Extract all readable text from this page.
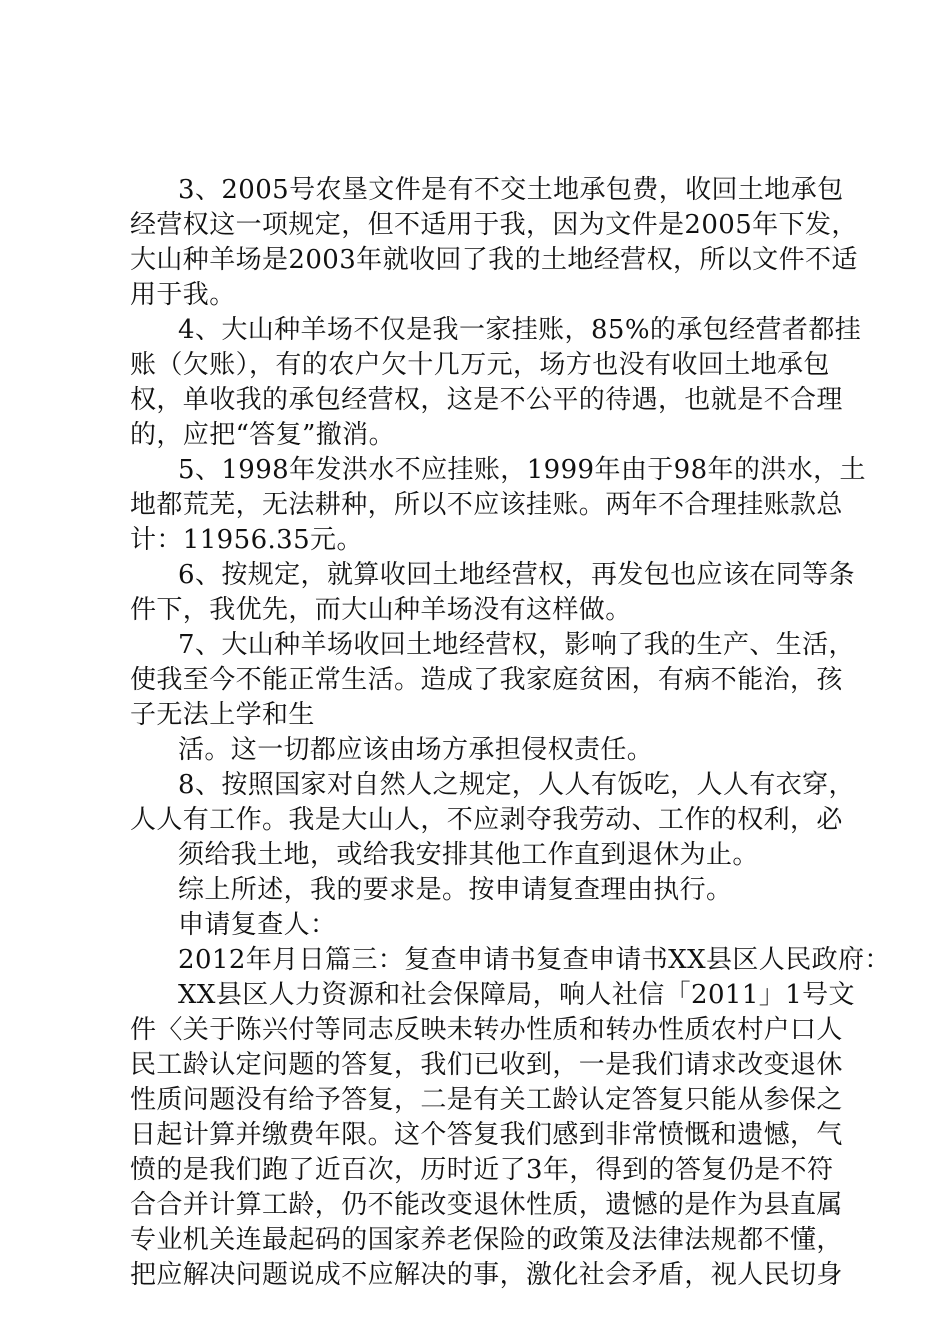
3、2005号农垦文件是有不交土地承包费，收回土地承包
经营权这一项规定，但不适用于我，因为文件是2005年下发，
大山种羊场是2003年就收回了我的土地经营权，所以文件不适
用于我。
4、大山种羊场不仅是我一家挂账，85%的承包经营者都挂
账（欠账），有的农户欠十几万元，场方也没有收回土地承包
权，单收我的承包经营权，这是不公平的待遇，也就是不合理
的，应把“答复”撤消。
5、1998年发洪水不应挂账，1999年由于98年的洪水，土
地都荒芜，无法耕种，所以不应该挂账。两年不合理挂账款总
计：11956.35元。
6、按规定，就算收回土地经营权，再发包也应该在同等条
件下，我优先，而大山种羊场没有这样做。
7、大山种羊场收回土地经营权，影响了我的生产、生活，
使我至今不能正常生活。造成了我家庭贫困，有病不能治，孩
子无法上学和生
活。这一切都应该由场方承担侵权责任。
8、按照国家对自然人之规定，人人有饭吃，人人有衣穿，
人人有工作。我是大山人，不应剥夺我劳动、工作的权利，必
须给我土地，或给我安排其他工作直到退休为止。
综上所述，我的要求是。按申请复查理由执行。
申请复查人：
2012年月日篇三：复查申请书复查申请书XX县区人民政府：
XX县区人力资源和社会保障局，响人社信「2011」1号文
件〈关于陈兴付等同志反映未转办性质和转办性质农村户口人
民工龄认定问题的答复，我们已收到，一是我们请求改变退休
性质问题没有给予答复，二是有关工龄认定答复只能从参保之
日起计算并缴费年限。这个答复我们感到非常愤慨和遗憾，气
愤的是我们跑了近百次，历时近了3年，得到的答复仍是不符
合合并计算工龄，仍不能改变退休性质，遗憾的是作为县直属
专业机关连最起码的国家养老保险的政策及法律法规都不懂，
把应解决问题说成不应解决的事，激化社会矛盾，视人民切身
